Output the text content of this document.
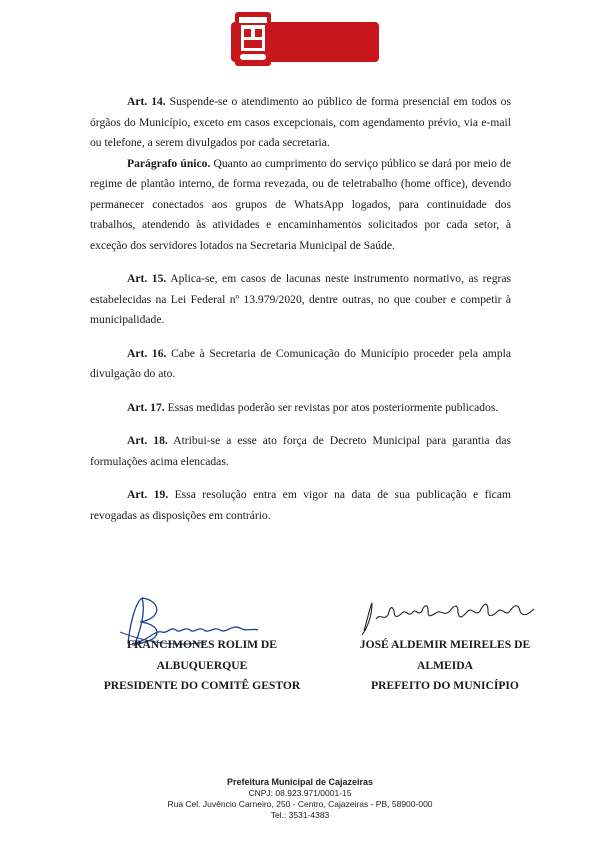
PREFEITURA DE
CAJAZEIRAS

Art. 14. Suspende-se o atendimento ao público de forma presencial em todos os órgãos do Município, exceto em casos excepcionais, com agendamento prévio, via e-mail ou telefone, a serem divulgados por cada secretaria.

Parágrafo único. Quanto ao cumprimento do serviço público se dará por meio de regime de plantão interno, de forma revezada, ou de teletrabalho (home office), devendo permanecer conectados aos grupos de WhatsApp logados, para continuidade dos trabalhos, atendendo às atividades e encaminhamentos solicitados por cada setor, à exceção dos servidores lotados na Secretaria Municipal de Saúde.

Art. 15. Aplica-se, em casos de lacunas neste instrumento normativo, as regras estabelecidas na Lei Federal nº 13.979/2020, dentre outras, no que couber e competir à municipalidade.

Art. 16. Cabe à Secretaria de Comunicação do Município proceder pela ampla divulgação do ato.

Art. 17. Essas medidas poderão ser revistas por atos posteriormente publicados.

Art. 18. Atribui-se a esse ato força de Decreto Municipal para garantia das formulações acima elencadas.

Art. 19. Essa resolução entra em vigor na data de sua publicação e ficam revogadas as disposições em contrário.

FRANCIMONES ROLIM DE
ALBUQUERQUE
PRESIDENTE DO COMITÊ GESTOR
JOSÉ ALDEMIR MEIRELES DE
ALMEIDA
PREFEITO DO MUNICÍPIO
Prefeitura Municipal de Cajazeiras
CNPJ: 08.923.971/0001-15
Rua Cel. Juvêncio Carneiro, 250 - Centro, Cajazeiras - PB, 58900-000
Tel.: 3531-4383
